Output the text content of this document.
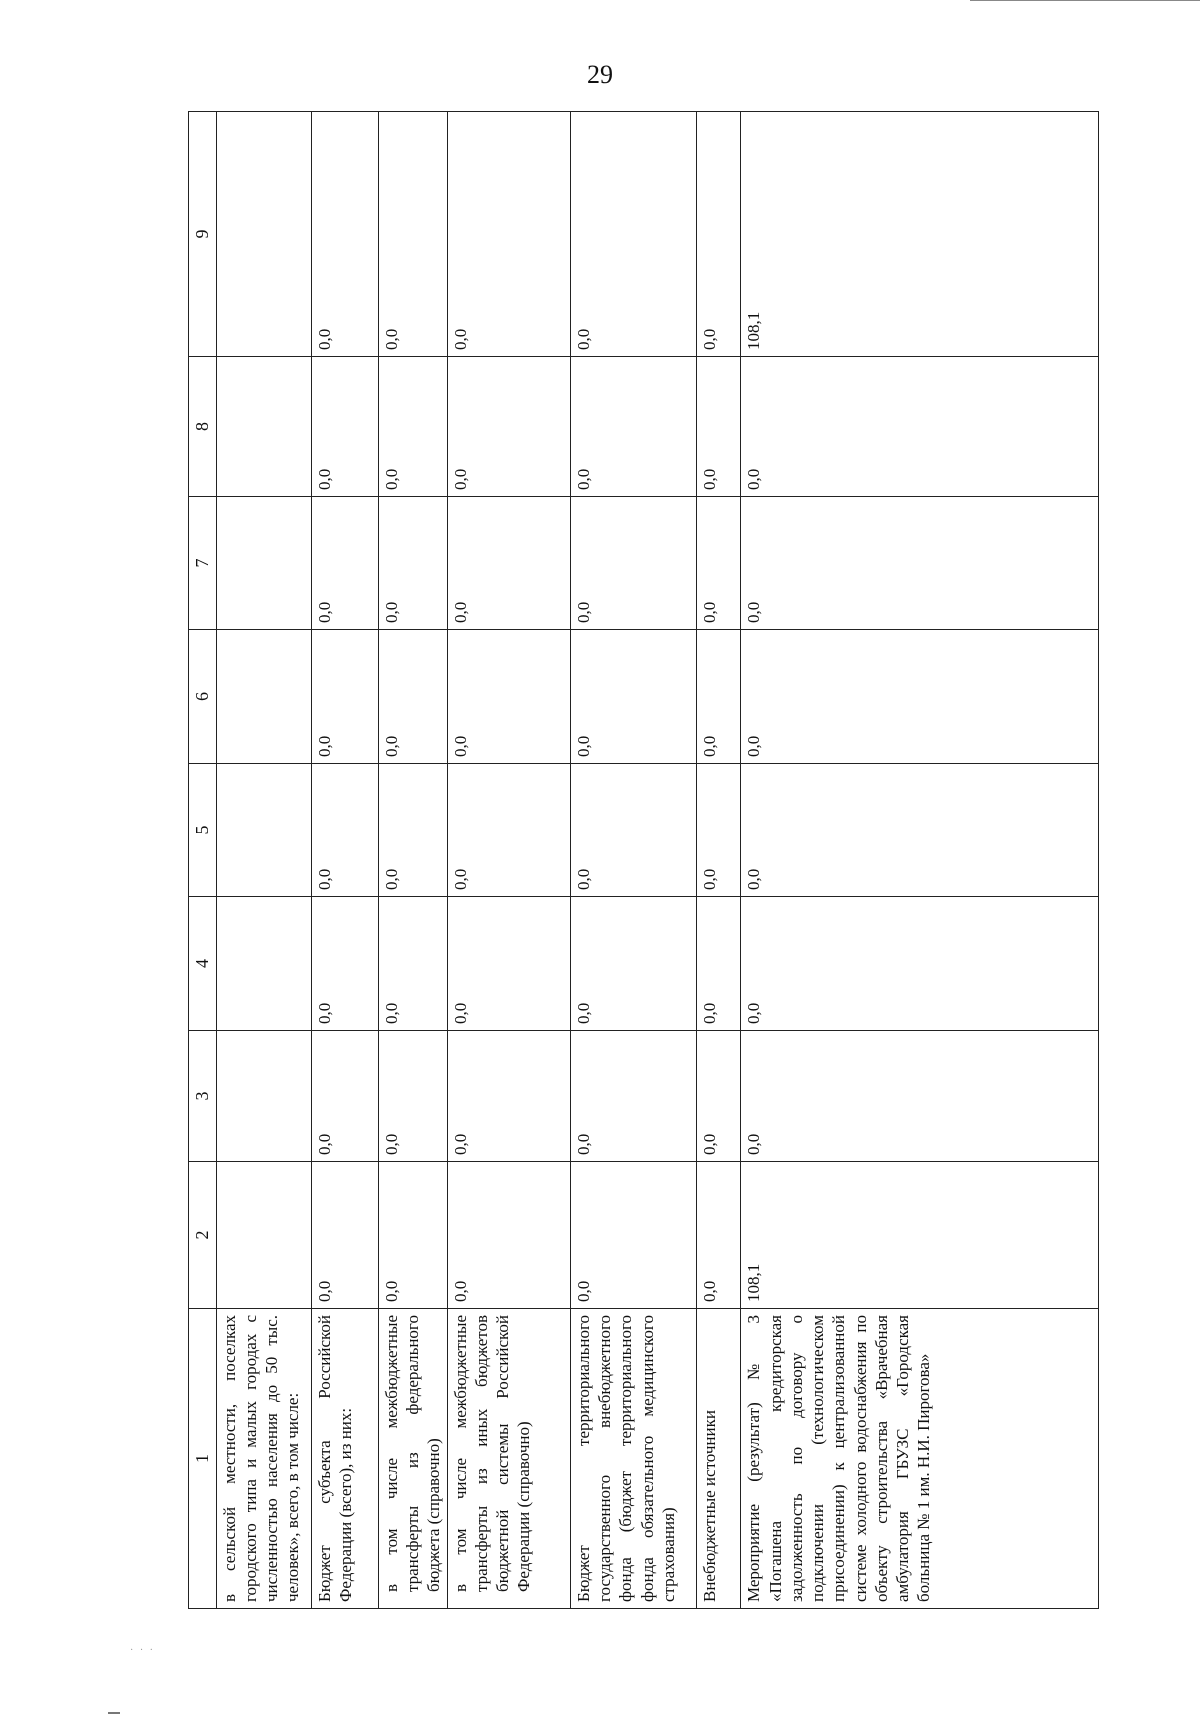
29
· · ·
1	2	3	4	5	6	7	8	9
в сельской местности, поселках городского типа и малых городах с численностью населения до 50 тыс. человек», всего, в том числе:								
Бюджет субъекта Российской Федерации (всего), из них:	0,0	0,0	0,0	0,0	0,0	0,0	0,0	0,0
в том числе межбюджетные трансферты из федерального бюджета (справочно)	0,0	0,0	0,0	0,0	0,0	0,0	0,0	0,0
в том числе межбюджетные трансферты из иных бюджетов бюджетной системы Российской Федерации (справочно)	0,0	0,0	0,0	0,0	0,0	0,0	0,0	0,0
Бюджет территориального государственного внебюджетного фонда (бюджет территориального фонда обязательного медицинского страхования)	0,0	0,0	0,0	0,0	0,0	0,0	0,0	0,0
Внебюджетные источники	0,0	0,0	0,0	0,0	0,0	0,0	0,0	0,0
Мероприятие (результат) № 3 «Погашена кредиторская задолженность по договору о подключении (технологическом присоединении) к централизованной системе холодного водоснабжения по объекту строительства «Врачебная амбулатория ГБУЗС «Городская больница № 1 им. Н.И. Пирогова»	108,1	0,0	0,0	0,0	0,0	0,0	0,0	108,1
